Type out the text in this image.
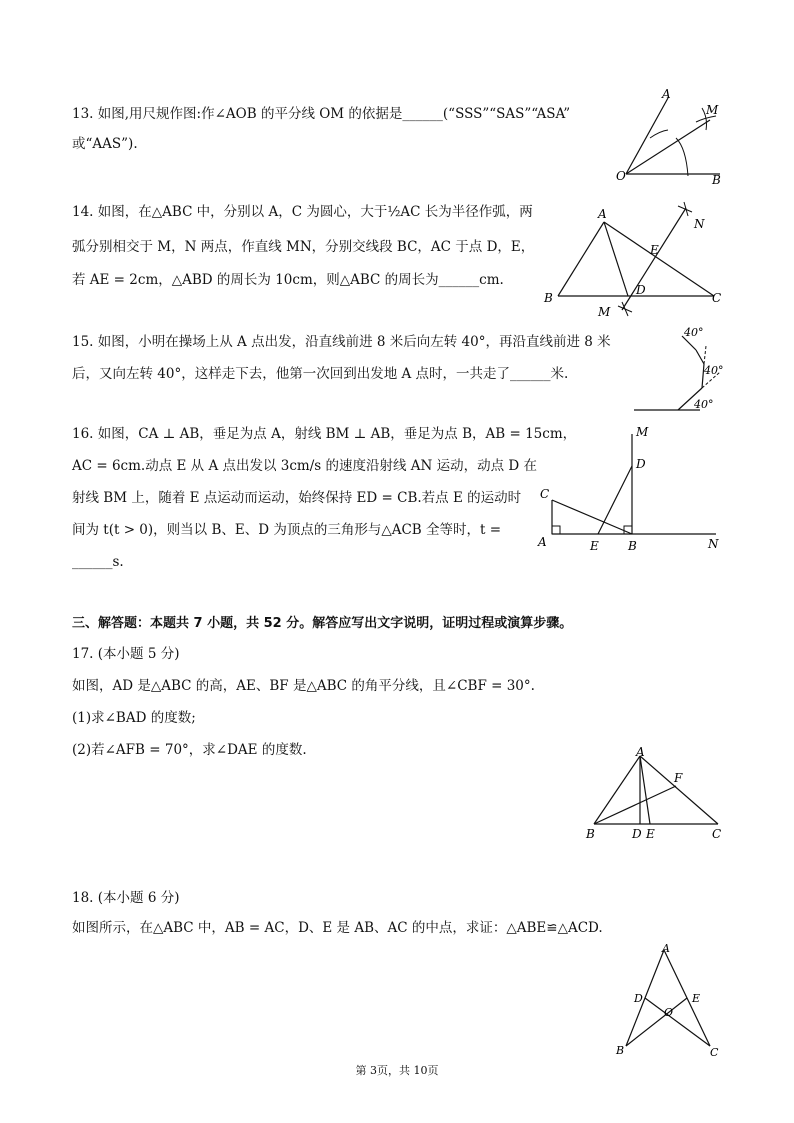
13. 如图,用尺规作图:作∠AOB 的平分线 OM 的依据是______(“SSS”“SAS”“ASA”
或“AAS”).
A
M
O	B
14. 如图，在△ABC 中，分别以 A，C 为圆心，大于½AC 长为半径作弧，两
弧分别相交于 M，N 两点，作直线 MN，分别交线段 BC，AC 于点 D，E，
若 AE = 2cm，△ABD 的周长为 10cm，则△ABC 的周长为______cm.
A
N
E
D
B
M
C
15. 如图，小明在操场上从 A 点出发，沿直线前进 8 米后向左转 40°，再沿直线前进 8 米
后，又向左转 40°，这样走下去，他第一次回到出发地 A 点时，一共走了______米.
40°
40°
40°
16. 如图，CA ⊥ AB，垂足为点 A，射线 BM ⊥ AB，垂足为点 B，AB = 15cm，
AC = 6cm.动点 E 从 A 点出发以 3cm/s 的速度沿射线 AN 运动，动点 D 在
射线 BM 上，随着 E 点运动而运动，始终保持 ED = CB.若点 E 的运动时
间为 t(t > 0)，则当以 B、E、D 为顶点的三角形与△ACB 全等时，t =
______s.
M
D
C
A	E B	N
三、解答题：本题共 7 小题，共 52 分。解答应写出文字说明，证明过程或演算步骤。
17. (本小题 5 分)
如图，AD 是△ABC 的高，AE、BF 是△ABC 的角平分线，且∠CBF = 30°.
(1)求∠BAD 的度数;
(2)若∠AFB = 70°，求∠DAE 的度数.	A
F
B	D E	C
18. (本小题 6 分)
如图所示，在△ABC 中，AB = AC，D、E 是 AB、AC 的中点，求证：△ABE≌△ACD.
A
D	E
O
B	C
第 3页，共 10页
